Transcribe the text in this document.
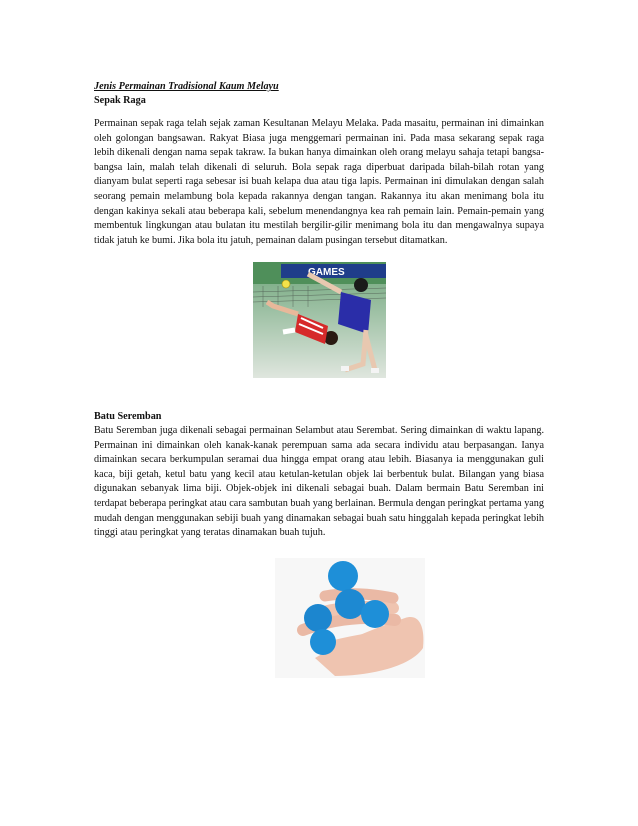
Jenis Permainan Tradisional Kaum Melayu

Sepak Raga

Permainan sepak raga telah sejak zaman Kesultanan Melayu Melaka. Pada masaitu, permainan ini dimainkan oleh golongan bangsawan. Rakyat Biasa juga menggemari permainan ini. Pada masa sekarang sepak raga lebih dikenali dengan nama sepak takraw. Ia bukan hanya dimainkan oleh orang melayu sahaja tetapi bangsa-bangsa lain, malah telah dikenali di seluruh. Bola sepak raga diperbuat daripada bilah-bilah rotan yang dianyam bulat seperti raga sebesar isi buah kelapa dua atau tiga lapis. Permainan ini dimulakan dengan salah seorang pemain melambung bola kepada rakannya dengan tangan. Rakannya itu akan menimang bola itu dengan kakinya sekali atau beberapa kali, sebelum menendangnya kea rah pemain lain. Pemain-pemain yang membentuk lingkungan atau bulatan itu mestilah bergilir-gilir menimang bola itu dan mengawalnya supaya tidak jatuh ke bumi. Jika bola itu jatuh, pemainan dalam pusingan tersebut ditamatkan.

GAMES

Batu Seremban

Batu Seremban juga dikenali sebagai permainan Selambut atau Serembat. Sering dimainkan di waktu lapang. Permainan ini dimainkan oleh kanak-kanak perempuan sama ada secara individu atau berpasangan. Ianya dimainkan secara berkumpulan seramai dua hingga empat orang atau lebih. Biasanya ia menggunakan guli kaca, biji getah, ketul batu yang kecil atau ketulan-ketulan objek lai berbentuk bulat. Bilangan yang biasa digunakan sebanyak lima biji. Objek-objek ini dikenali sebagai buah. Dalam bermain Batu Seremban ini terdapat beberapa peringkat atau cara sambutan buah yang berlainan. Bermula dengan peringkat pertama yang mudah dengan menggunakan sebiji buah yang dinamakan sebagai buah satu hinggalah kepada peringkat lebih tinggi atau peringkat yang teratas dinamakan buah tujuh.
